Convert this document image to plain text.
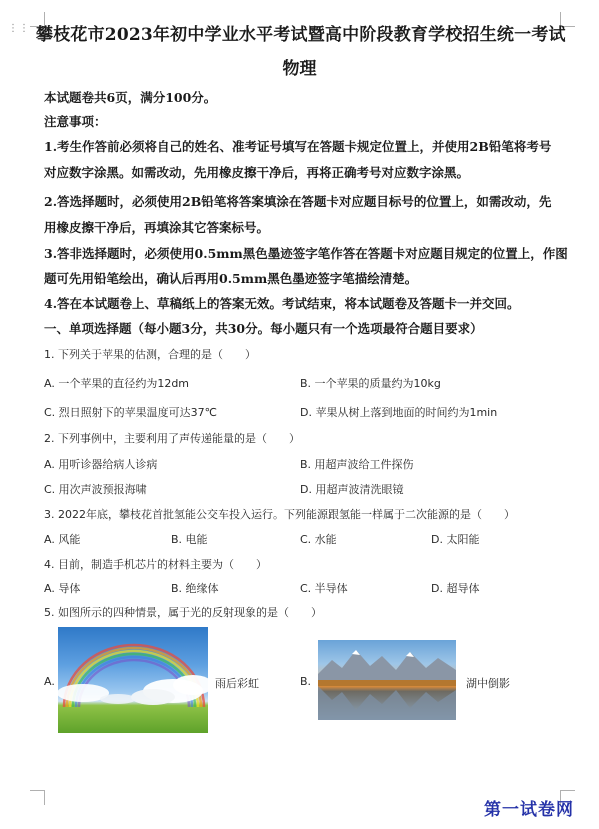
⋮⋮ 攀枝花市2023年初中学业水平考试暨高中阶段教育学校招生统一考试
物理
本试题卷共6页，满分100分。
注意事项：
1.考生作答前必须将自己的姓名、准考证号填写在答题卡规定位置上，并使用2B铅笔将考号
对应数字涂黑。如需改动，先用橡皮擦干净后，再将正确考号对应数字涂黑。
2.答选择题时，必须使用2B铅笔将答案填涂在答题卡对应题目标号的位置上，如需改动，先
用橡皮擦干净后，再填涂其它答案标号。
3.答非选择题时，必须使用0.5mm黑色墨迹签字笔作答在答题卡对应题目规定的位置上，作图
题可先用铅笔绘出，确认后再用0.5mm黑色墨迹签字笔描绘清楚。
4.答在本试题卷上、草稿纸上的答案无效。考试结束，将本试题卷及答题卡一并交回。
一、单项选择题（每小题3分，共30分。每小题只有一个选项最符合题目要求）
1. 下列关于苹果的估测，合理的是（　　）
A. 一个苹果的直径约为12dm	B. 一个苹果的质量约为10kg
C. 烈日照射下的苹果温度可达37℃	D. 苹果从树上落到地面的时间约为1min
2. 下列事例中，主要利用了声传递能量的是（　　）
A. 用听诊器给病人诊病	B. 用超声波给工件探伤
C. 用次声波预报海啸	D. 用超声波清洗眼镜
3. 2022年底，攀枝花首批氢能公交车投入运行。下列能源跟氢能一样属于二次能源的是（　　）
A. 风能	B. 电能	C. 水能	D. 太阳能
4. 目前，制造手机芯片的材料主要为（　　）
A. 导体	B. 绝缘体	C. 半导体	D. 超导体
5. 如图所示的四种情景，属于光的反射现象的是（　　）
A.	雨后彩虹	B.	湖中倒影
第一试卷网
